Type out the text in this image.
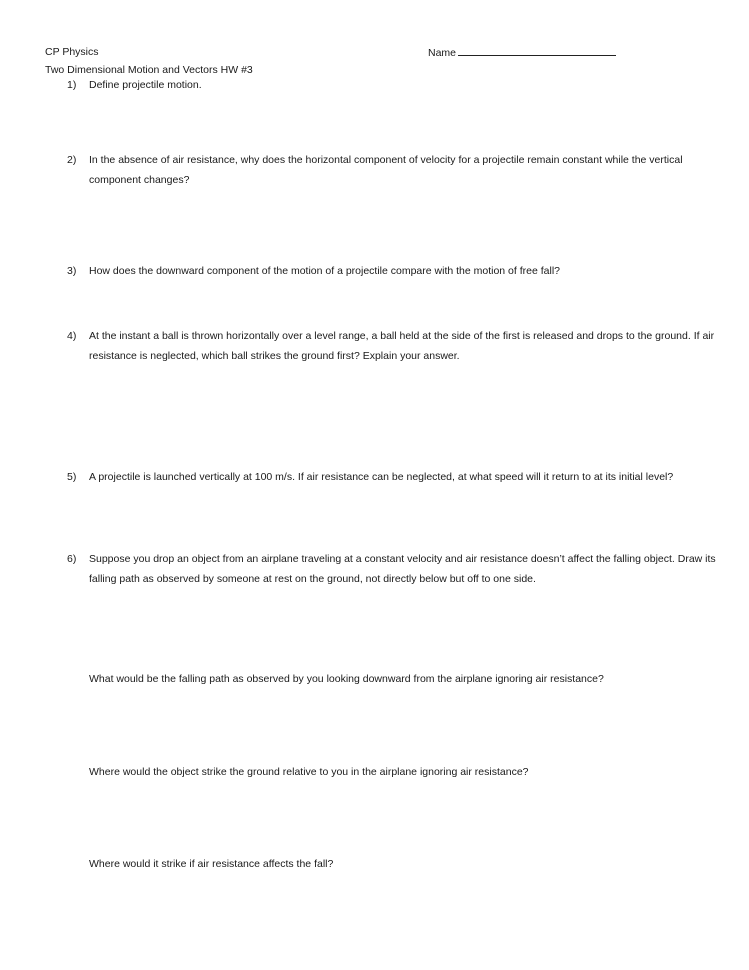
CP Physics
Two Dimensional Motion and Vectors HW #3
Name
1)	Define projectile motion.
2)	In the absence of air resistance, why does the horizontal component of velocity for a projectile remain constant while the vertical component changes?
3)	How does the downward component of the motion of a projectile compare with the motion of free fall?
4)	At the instant a ball is thrown horizontally over a level range, a ball held at the side of the first is released and drops to the ground. If air resistance is neglected, which ball strikes the ground first? Explain your answer.
5)	A projectile is launched vertically at 100 m/s. If air resistance can be neglected, at what speed will it return to at its initial level?
6)	Suppose you drop an object from an airplane traveling at a constant velocity and air resistance doesn’t affect the falling object. Draw its falling path as observed by someone at rest on the ground, not directly below but off to one side.
What would be the falling path as observed by you looking downward from the airplane ignoring air resistance?
Where would the object strike the ground relative to you in the airplane ignoring air resistance?
Where would it strike if air resistance affects the fall?
